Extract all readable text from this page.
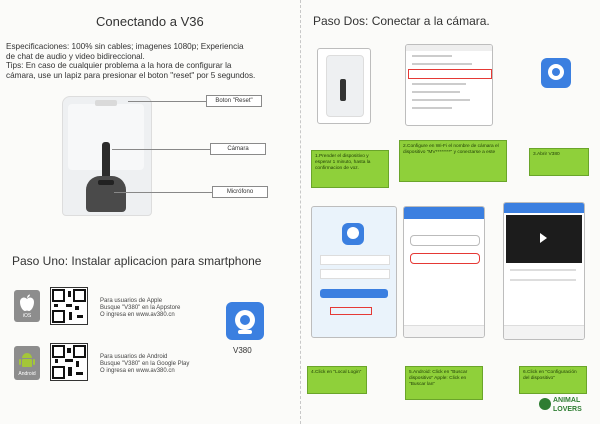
Conectando a V36
Especificaciones: 100% sin cables; imagenes 1080p; Experiencia
de chat de audio y video bidireccional.
Tips: En caso de cualquier problema a la hora de configurar la
cámara, use un lapiz para presionar el boton "reset" por 5 segundos.
Boton "Reset"
Cámara
Micrófono
Paso Uno: Instalar aplicacion para smartphone
iOS
Para usuarios de Apple
Busque "V380" en la Appstore
O ingresa en www.av380.cn
Android
Para usuarios de Android
Busque "V380" en la Google Play
O ingresa en www.av380.cn
V380
Paso Dos: Conectar a la cámara.
1.Prender el dispositivo y esperar 1 minuto, hasta la confirmacion de voz.
2.Configure en Wi-Fi el nombre de cámara el dispositivo "MV********" y conectarse a este	3.Abrir V380
4.Click en "Local Login"	5.Android: Click en "Buscar dispositivo" Apple: Click en "Buscar lan"
6.Click en "Configuración del dispositivo"
ANIMAL
LOVERS
